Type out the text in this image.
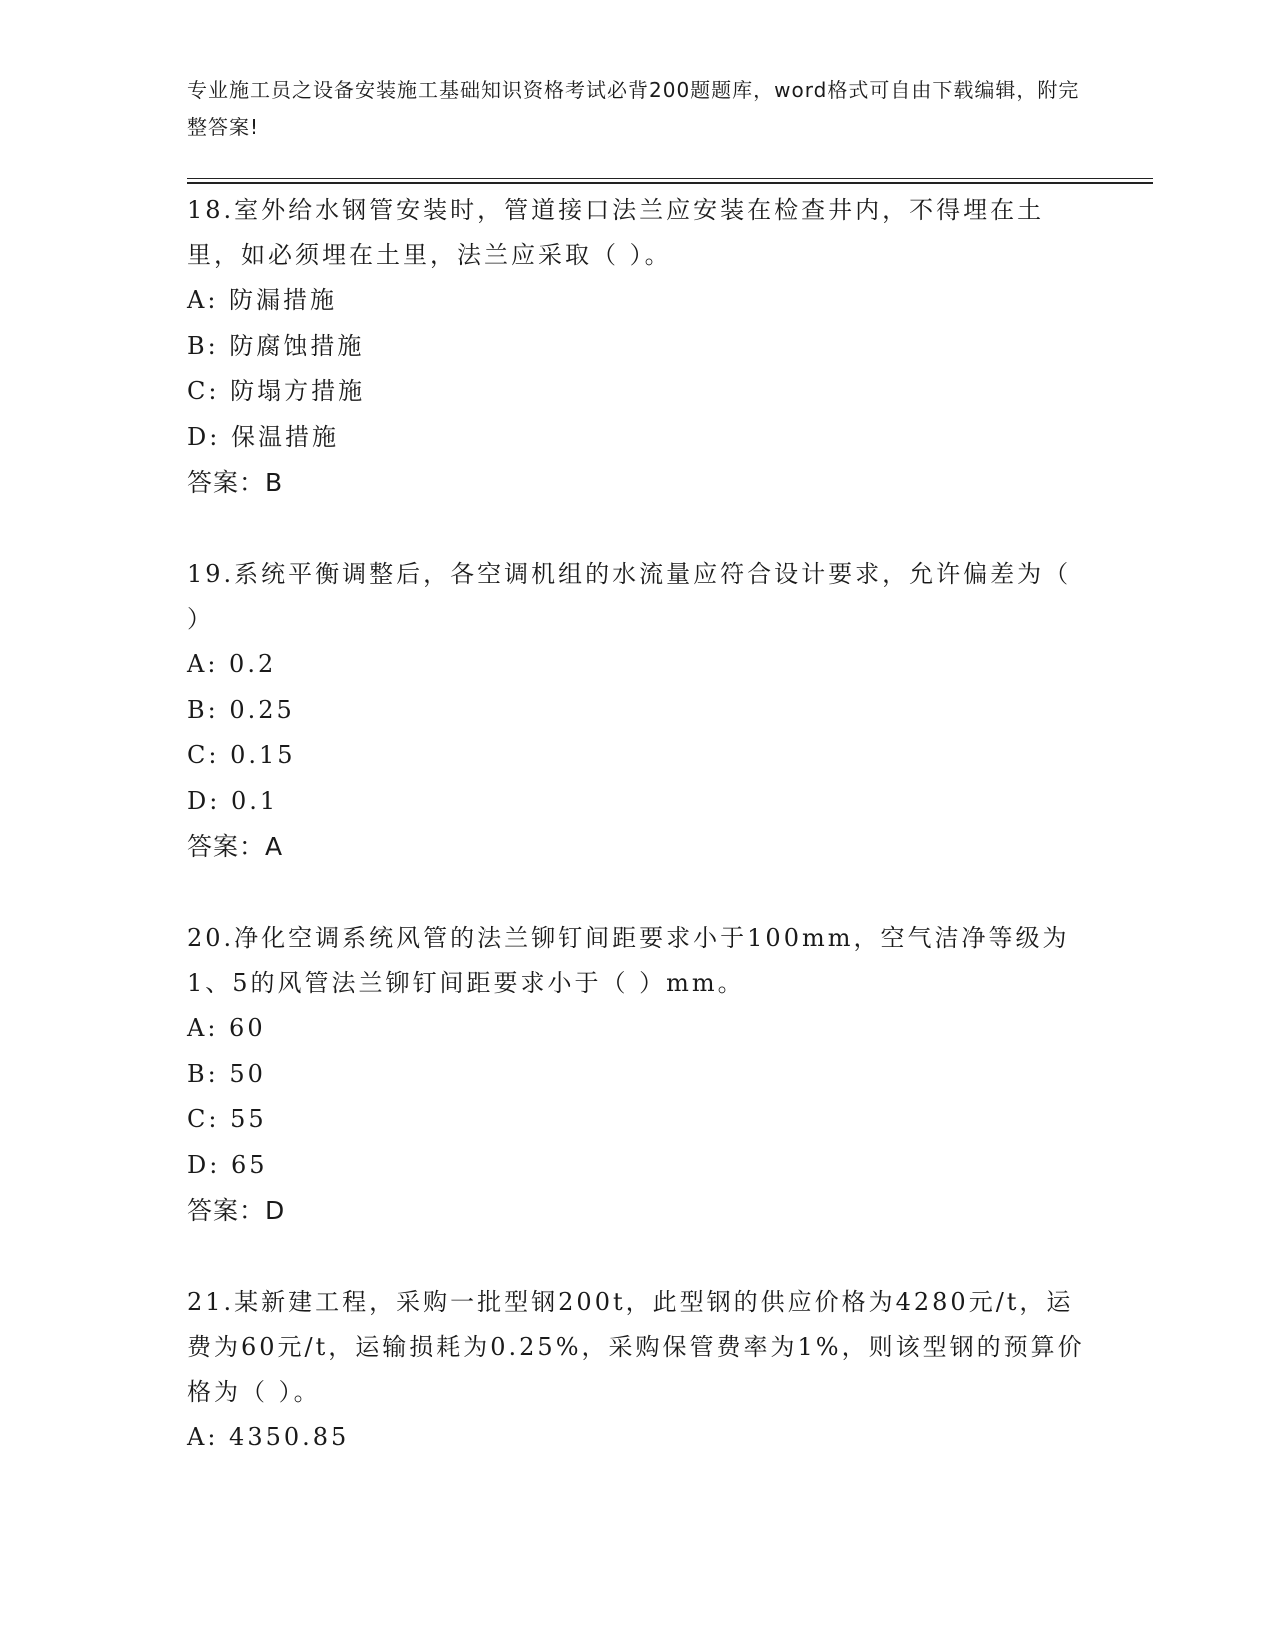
专业施工员之设备安装施工基础知识资格考试必背200题题库，word格式可自由下载编辑，附完整答案!
18.室外给水钢管安装时，管道接口法兰应安装在检查井内，不得埋在土里，如必须埋在土里，法兰应采取（ ）。
A: 防漏措施
B: 防腐蚀措施
C: 防塌方措施
D: 保温措施
答案：B
19.系统平衡调整后，各空调机组的水流量应符合设计要求，允许偏差为（ ）
A: 0.2
B: 0.25
C: 0.15
D: 0.1
答案：A
20.净化空调系统风管的法兰铆钉间距要求小于100mm，空气洁净等级为1、5的风管法兰铆钉间距要求小于（ ）mm。
A: 60
B: 50
C: 55
D: 65
答案：D
21.某新建工程，采购一批型钢200t，此型钢的供应价格为4280元/t，运费为60元/t，运输损耗为0.25%，采购保管费率为1%，则该型钢的预算价格为（ ）。
A: 4350.85
